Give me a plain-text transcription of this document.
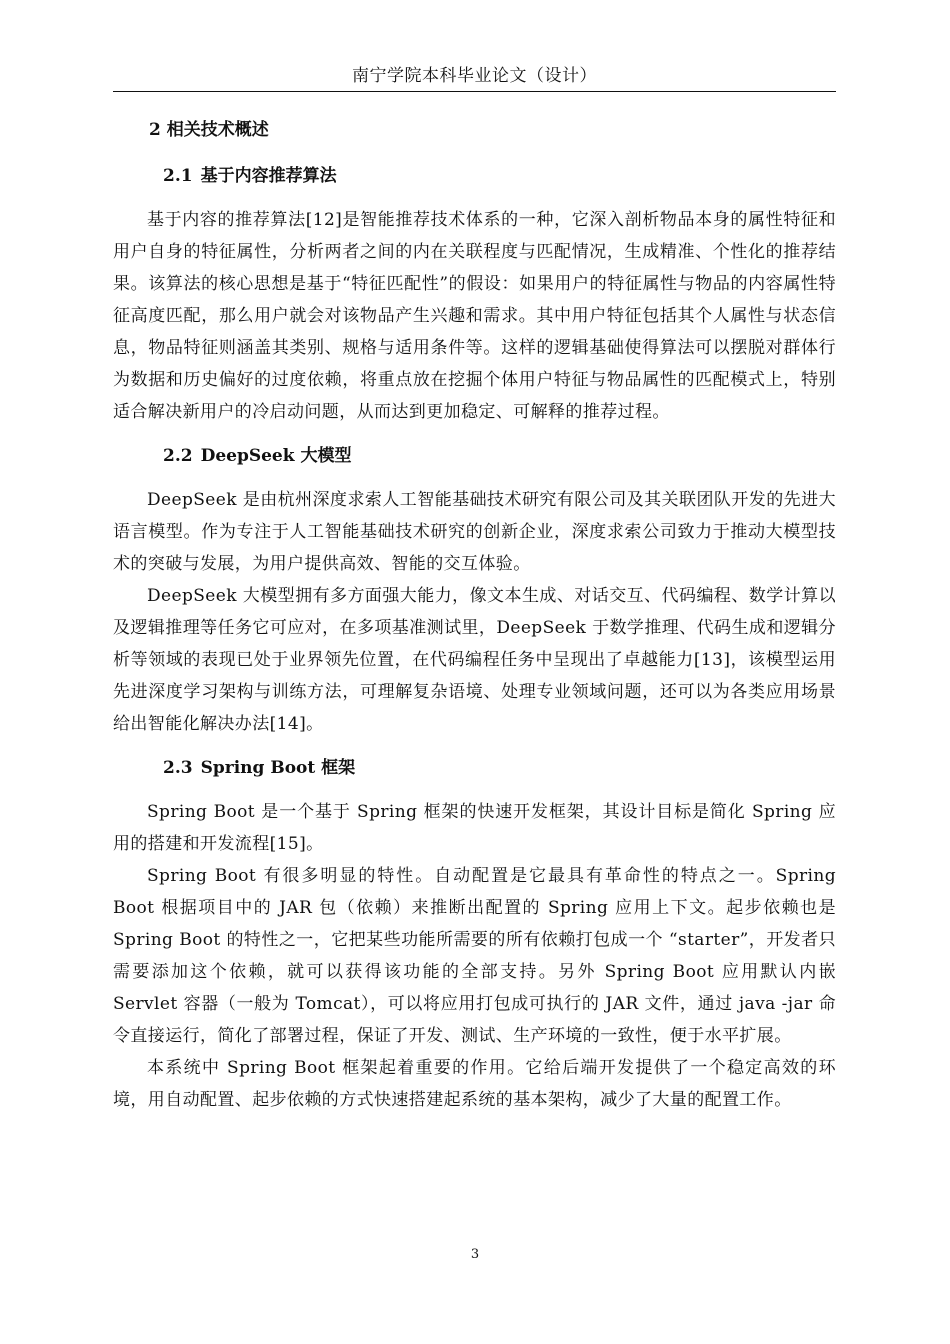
南宁学院本科毕业论文（设计）
2 相关技术概述
2.1 基于内容推荐算法

基于内容的推荐算法[12]是智能推荐技术体系的一种，它深入剖析物品本身的属性特征和用户自身的特征属性，分析两者之间的内在关联程度与匹配情况，生成精准、个性化的推荐结果。该算法的核心思想是基于“特征匹配性”的假设：如果用户的特征属性与物品的内容属性特征高度匹配，那么用户就会对该物品产生兴趣和需求。其中用户特征包括其个人属性与状态信息，物品特征则涵盖其类别、规格与适用条件等。这样的逻辑基础使得算法可以摆脱对群体行为数据和历史偏好的过度依赖，将重点放在挖掘个体用户特征与物品属性的匹配模式上，特别适合解决新用户的冷启动问题，从而达到更加稳定、可解释的推荐过程。

2.2 DeepSeek 大模型

DeepSeek 是由杭州深度求索人工智能基础技术研究有限公司及其关联团队开发的先进大语言模型。作为专注于人工智能基础技术研究的创新企业，深度求索公司致力于推动大模型技术的突破与发展，为用户提供高效、智能的交互体验。

DeepSeek 大模型拥有多方面强大能力，像文本生成、对话交互、代码编程、数学计算以及逻辑推理等任务它可应对，在多项基准测试里，DeepSeek 于数学推理、代码生成和逻辑分析等领域的表现已处于业界领先位置，在代码编程任务中呈现出了卓越能力[13]，该模型运用先进深度学习架构与训练方法，可理解复杂语境、处理专业领域问题，还可以为各类应用场景给出智能化解决办法[14]。

2.3 Spring Boot 框架

Spring Boot 是一个基于 Spring 框架的快速开发框架，其设计目标是简化 Spring 应用的搭建和开发流程[15]。

Spring Boot 有很多明显的特性。自动配置是它最具有革命性的特点之一。Spring Boot 根据项目中的 JAR 包（依赖）来推断出配置的 Spring 应用上下文。起步依赖也是 Spring Boot 的特性之一，它把某些功能所需要的所有依赖打包成一个 “starter”，开发者只需要添加这个依赖，就可以获得该功能的全部支持。另外 Spring Boot 应用默认内嵌 Servlet 容器（一般为 Tomcat），可以将应用打包成可执行的 JAR 文件，通过 java -jar 命令直接运行，简化了部署过程，保证了开发、测试、生产环境的一致性，便于水平扩展。

本系统中 Spring Boot 框架起着重要的作用。它给后端开发提供了一个稳定高效的环境，用自动配置、起步依赖的方式快速搭建起系统的基本架构，减少了大量的配置工作。

3
